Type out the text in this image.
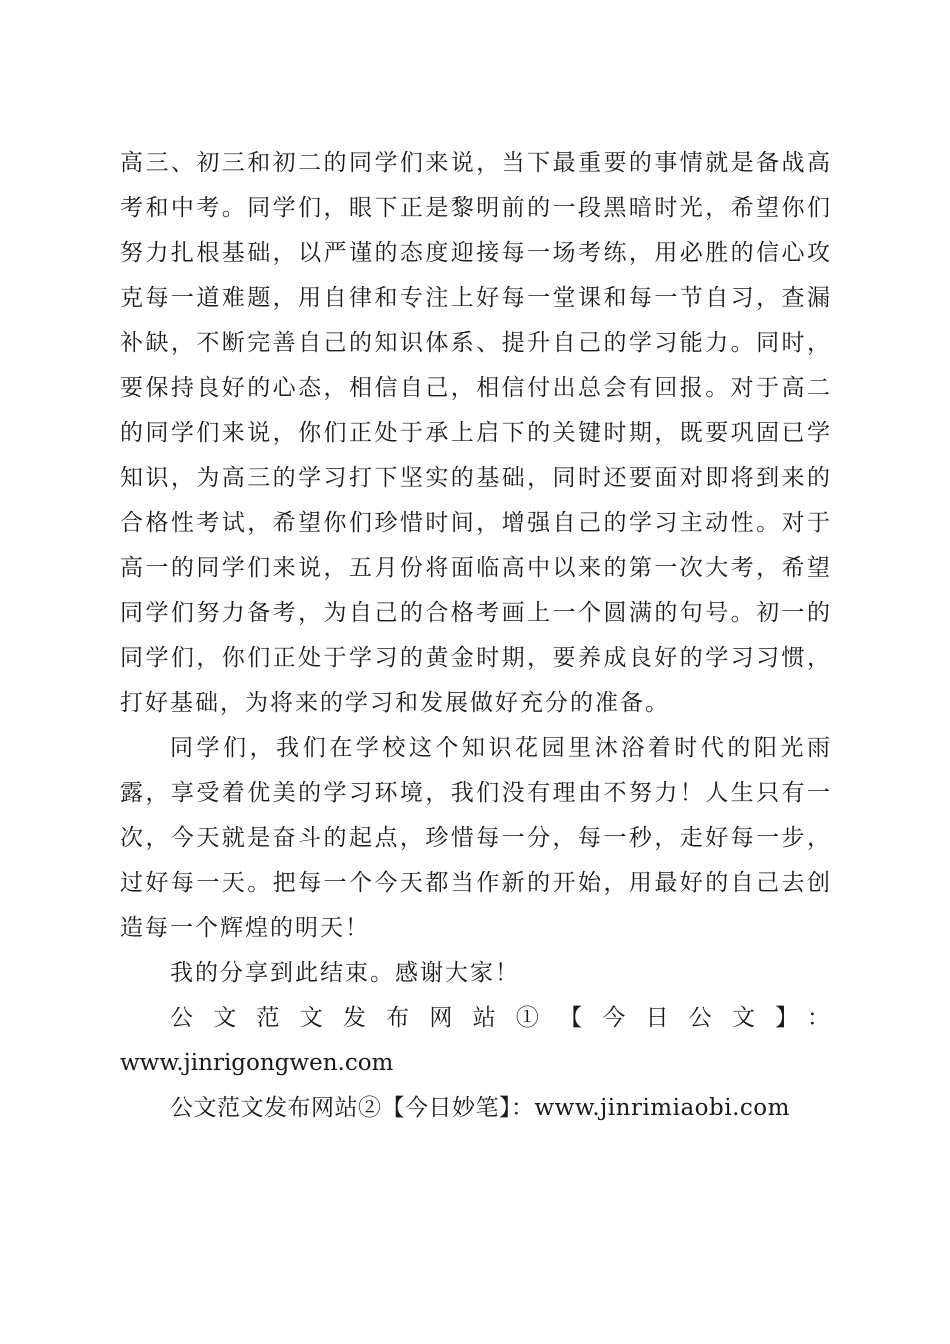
高三、初三和初二的同学们来说，当下最重要的事情就是备战高考和中考。同学们，眼下正是黎明前的一段黑暗时光，希望你们努力扎根基础，以严谨的态度迎接每一场考练，用必胜的信心攻克每一道难题，用自律和专注上好每一堂课和每一节自习，查漏补缺，不断完善自己的知识体系、提升自己的学习能力。同时，要保持良好的心态，相信自己，相信付出总会有回报。对于高二的同学们来说，你们正处于承上启下的关键时期，既要巩固已学知识，为高三的学习打下坚实的基础，同时还要面对即将到来的合格性考试，希望你们珍惜时间，增强自己的学习主动性。对于高一的同学们来说，五月份将面临高中以来的第一次大考，希望同学们努力备考，为自己的合格考画上一个圆满的句号。初一的同学们，你们正处于学习的黄金时期，要养成良好的学习习惯，打好基础，为将来的学习和发展做好充分的准备。

同学们，我们在学校这个知识花园里沐浴着时代的阳光雨露，享受着优美的学习环境，我们没有理由不努力！人生只有一次，今天就是奋斗的起点，珍惜每一分，每一秒，走好每一步，过好每一天。把每一个今天都当作新的开始，用最好的自己去创造每一个辉煌的明天！

我的分享到此结束。感谢大家！

公文范文发布网站①【今日公文】：

www.jinrigongwen.com

公文范文发布网站②【今日妙笔】：www.jinrimiaobi.com
